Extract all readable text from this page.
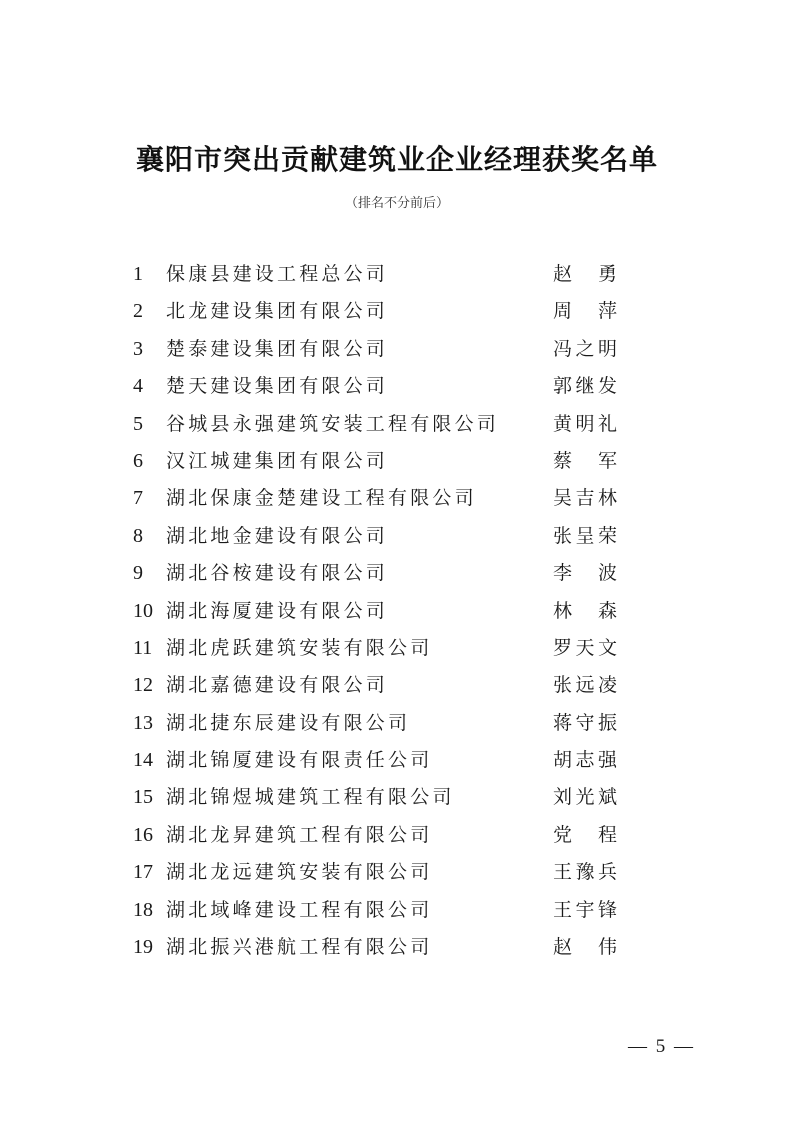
襄阳市突出贡献建筑业企业经理获奖名单
（排名不分前后）
1 保康县建设工程总公司	赵 勇
2 北龙建设集团有限公司	周 萍
3 楚泰建设集团有限公司	冯 之 明
4 楚天建设集团有限公司	郭 继 发
5 谷城县永强建筑安装工程有限公司	黄 明 礼
6 汉江城建集团有限公司	蔡 军
7 湖北保康金楚建设工程有限公司	吴 吉 林
8 湖北地金建设有限公司	张 呈 荣
9 湖北谷桉建设有限公司	李 波
10 湖北海厦建设有限公司	林 森
11 湖北虎跃建筑安装有限公司	罗 天 文
12 湖北嘉德建设有限公司	张 远 凌
13 湖北捷东辰建设有限公司	蒋 守 振
14 湖北锦厦建设有限责任公司	胡 志 强
15 湖北锦煜城建筑工程有限公司	刘 光 斌
16 湖北龙昇建筑工程有限公司	党 程
17 湖北龙远建筑安装有限公司	王 豫 兵
18 湖北域峰建设工程有限公司	王 宇 锋
19 湖北振兴港航工程有限公司	赵 伟
— 5 —
